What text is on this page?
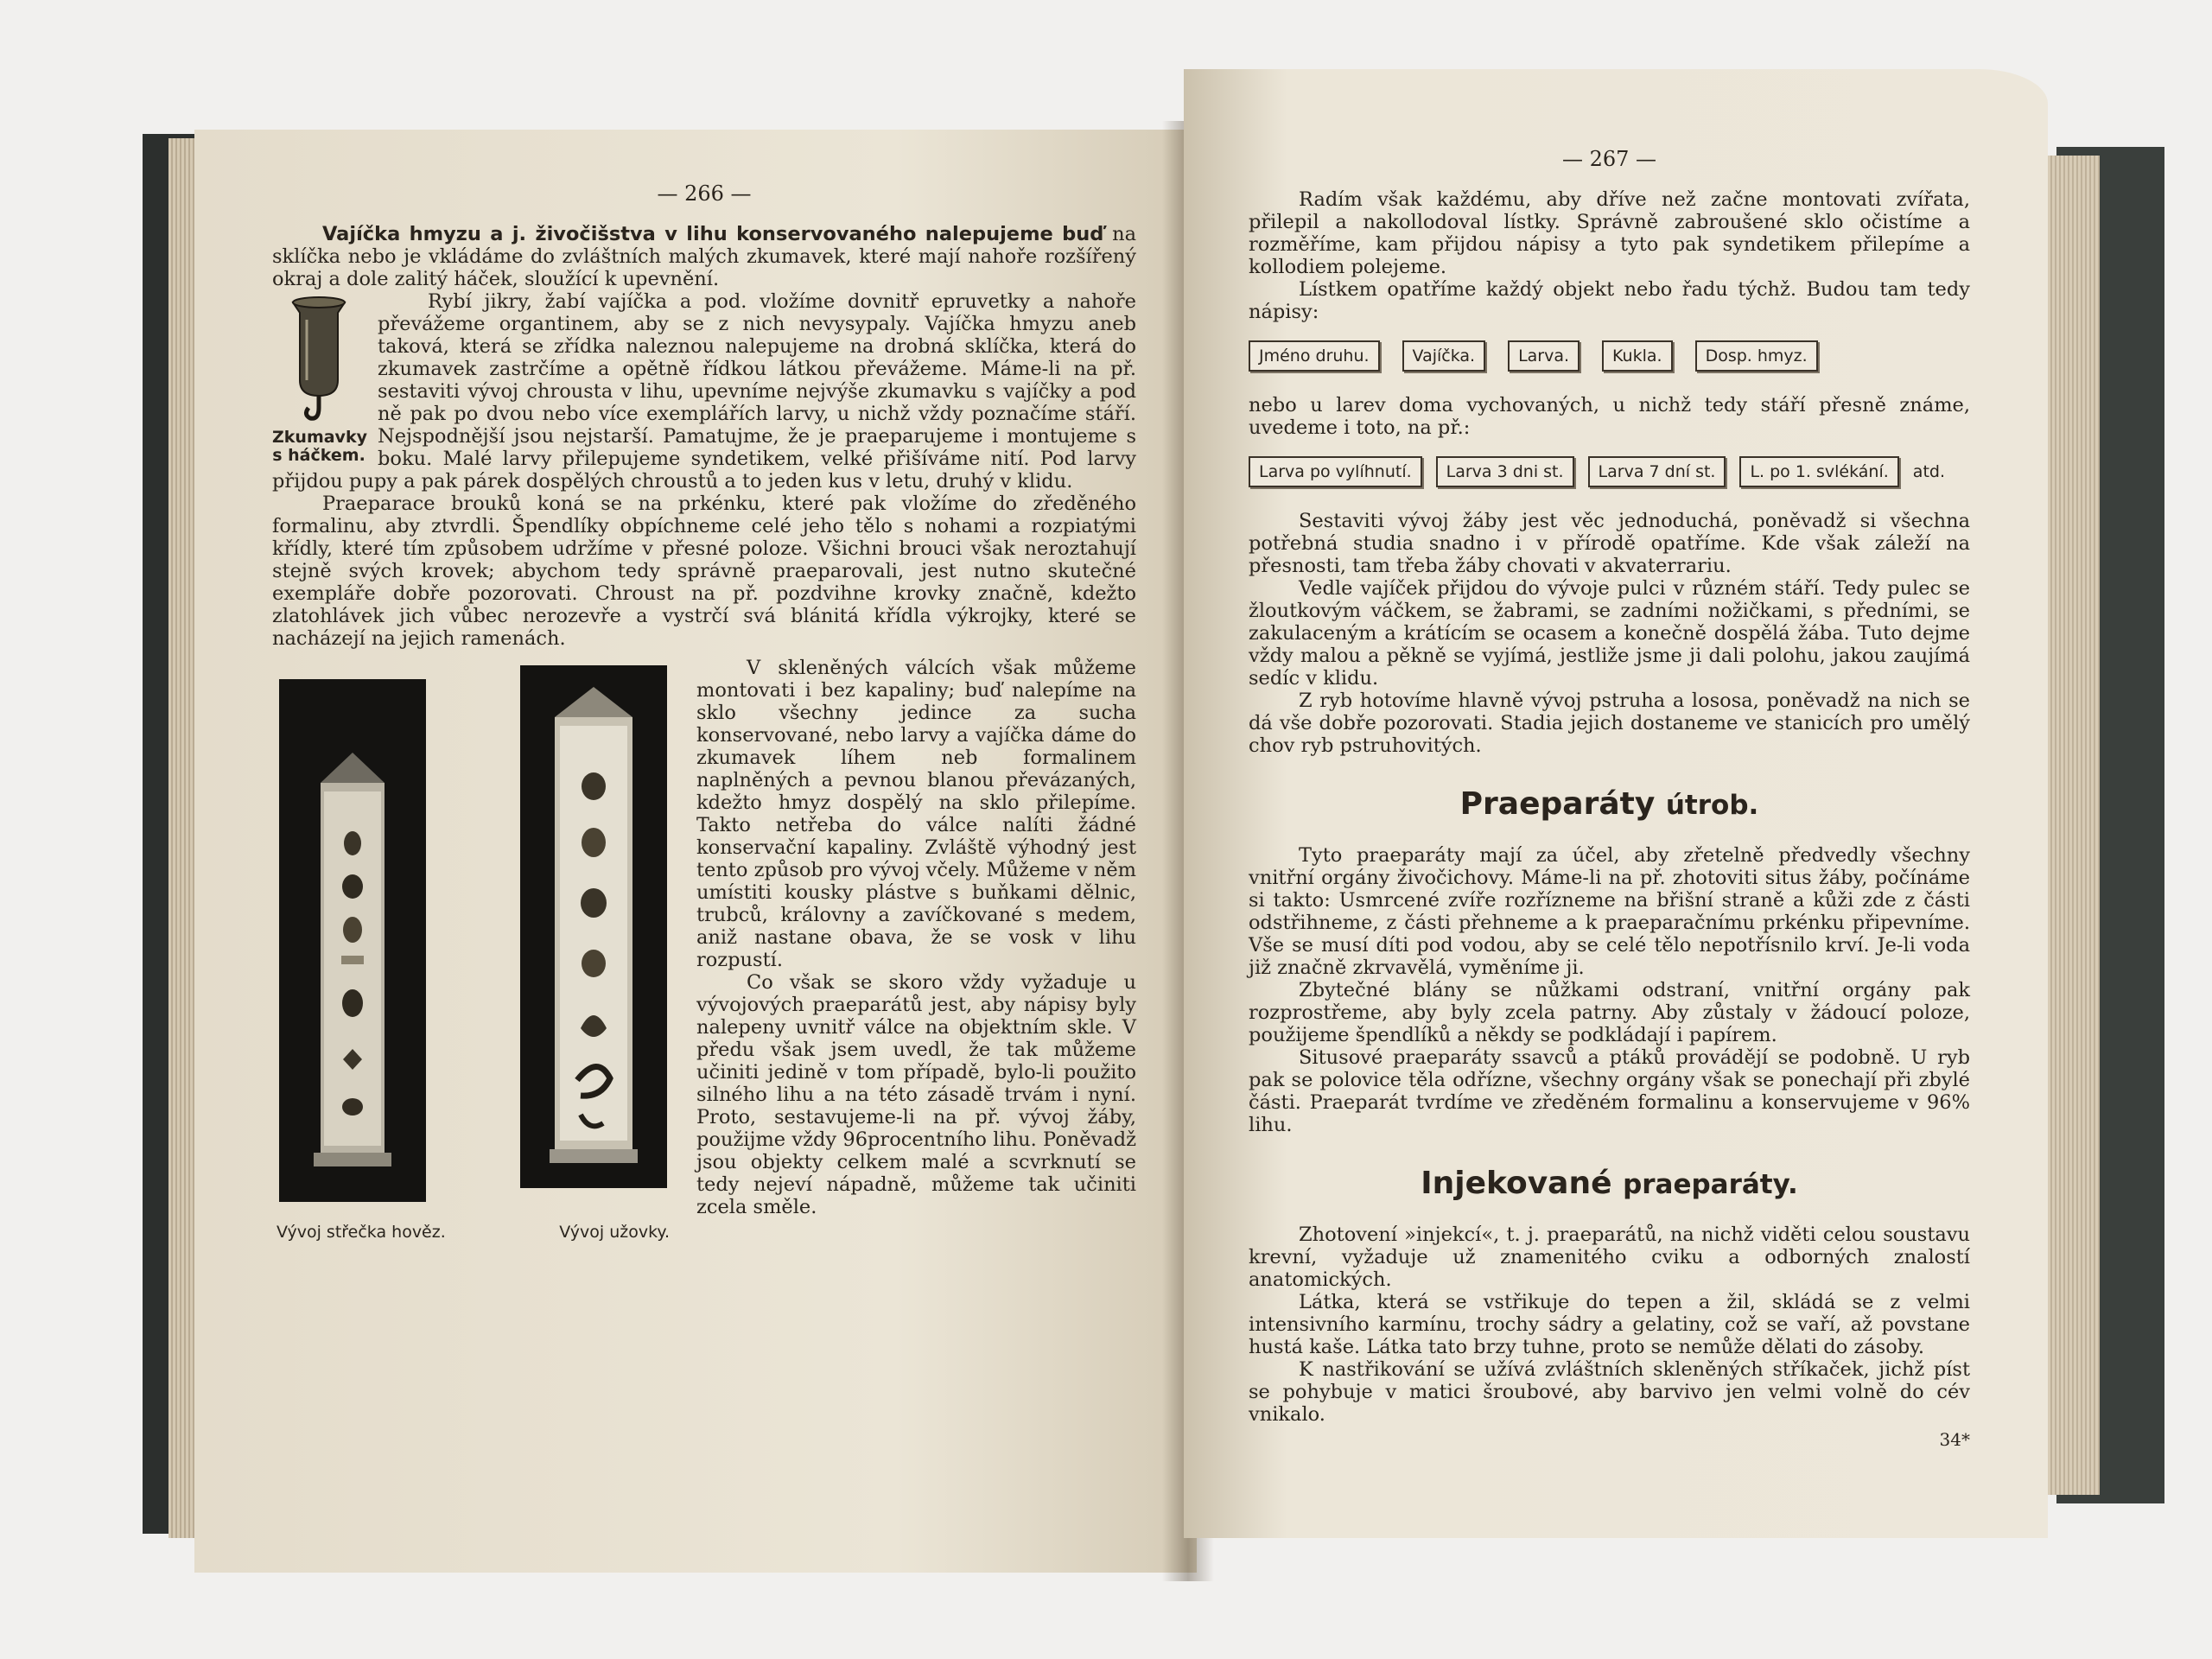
— 266 —

Vajíčka hmyzu a j. živočišstva v lihu konservovaného nalepujeme buď na sklíčka nebo je vkládáme do zvláštních malých zkumavek, které mají nahoře rozšířený okraj a dole zalitý háček, sloužící k upevnění.

Zkumavky s háčkem.

Rybí jikry, žabí vajíčka a pod. vložíme dovnitř epruvetky a nahoře převážeme organtinem, aby se z nich nevysypaly. Vajíčka hmyzu aneb taková, která se zřídka naleznou nalepujeme na drobná sklíčka, která do zkumavek zastrčíme a opětně řídkou látkou převážeme. Máme-li na př. sestaviti vývoj chrousta v lihu, upevníme nejvýše zkumavku s vajíčky a pod ně pak po dvou nebo více exemplářích larvy, u nichž vždy poznačíme stáří. Nejspodnější jsou nejstarší. Pamatujme, že je praeparujeme i montujeme s boku. Malé larvy přilepujeme syndetikem, velké přišíváme nití. Pod larvy přijdou pupy a pak párek dospělých chroustů a to jeden kus v letu, druhý v klidu.

Praeparace brouků koná se na prkénku, které pak vložíme do zředěného formalinu, aby ztvrdli. Špendlíky obpíchneme celé jeho tělo s nohami a rozpiatými křídly, které tím způsobem udržíme v přesné poloze. Všichni brouci však neroztahují stejně svých krovek; abychom tedy správně praeparovali, jest nutno skutečné exempláře dobře pozorovati. Chroust na př. pozdvihne krovky značně, kdežto zlatohlávek jich vůbec nerozevře a vystrčí svá blánitá křídla výkrojky, které se nacházejí na jejich ramenách.

Vývoj střečka hověz.	Vývoj užovky.

V skleněných válcích však můžeme montovati i bez kapaliny; buď nalepíme na sklo všechny jedince za sucha konservované, nebo larvy a vajíčka dáme do zkumavek líhem neb formalinem naplněných a pevnou blanou převázaných, kdežto hmyz dospělý na sklo přilepíme. Takto netřeba do válce nalíti žádné konservační kapaliny. Zvláště výhodný jest tento způsob pro vývoj včely. Můžeme v něm umístiti kousky plástve s buňkami dělnic, trubců, královny a zavíčkované s medem, aniž nastane obava, že se vosk v lihu rozpustí.

Co však se skoro vždy vyžaduje u vývojových praeparátů jest, aby nápisy byly nalepeny uvnitř válce na objektním skle. V předu však jsem uvedl, že tak můžeme učiniti jedině v tom případě, bylo-li použito silného lihu a na této zásadě trvám i nyní. Proto, sestavujeme-li na př. vývoj žáby, použijme vždy 96procentního lihu. Poněvadž jsou objekty celkem malé a scvrknutí se tedy nejeví nápadně, můžeme tak učiniti zcela směle.

— 267 —

Radím však každému, aby dříve než začne montovati zvířata, přilepil a nakollodoval lístky. Správně zabroušené sklo očistíme a rozměříme, kam přijdou nápisy a tyto pak syndetikem přilepíme a kollodiem polejeme.

Lístkem opatříme každý objekt nebo řadu týchž. Budou tam tedy nápisy:

Jméno druhu.	Vajíčka.	Larva.	Kukla.	Dosp. hmyz.

nebo u larev doma vychovaných, u nichž tedy stáří přesně známe, uvedeme i toto, na př.:

Larva po vylíhnutí.	Larva 3 dni st.	Larva 7 dní st.	L. po 1. svlékání.	atd.

Sestaviti vývoj žáby jest věc jednoduchá, poněvadž si všechna potřebná studia snadno i v přírodě opatříme. Kde však záleží na přesnosti, tam třeba žáby chovati v akvaterrariu.

Vedle vajíček přijdou do vývoje pulci v různém stáří. Tedy pulec se žloutkovým váčkem, se žabrami, se zadními nožičkami, s předními, se zakulaceným a krátícím se ocasem a konečně dospělá žába. Tuto dejme vždy malou a pěkně se vyjímá, jestliže jsme ji dali polohu, jakou zaujímá sedíc v klidu.

Z ryb hotovíme hlavně vývoj pstruha a lososa, poněvadž na nich se dá vše dobře pozorovati. Stadia jejich dostaneme ve stanicích pro umělý chov ryb pstruhovitých.

Praeparáty útrob.

Tyto praeparáty mají za účel, aby zřetelně předvedly všechny vnitřní orgány živočichovy. Máme-li na př. zhotoviti situs žáby, počínáme si takto: Usmrcené zvíře rozřízneme na břišní straně a kůži zde z části odstřihneme, z části přehneme a k praeparačnímu prkénku připevníme. Vše se musí díti pod vodou, aby se celé tělo nepotřísnilo krví. Je-li voda již značně zkrvavělá, vyměníme ji.

Zbytečné blány se nůžkami odstraní, vnitřní orgány pak rozprostřeme, aby byly zcela patrny. Aby zůstaly v žádoucí poloze, použijeme špendlíků a někdy se podkládají i papírem.

Situsové praeparáty ssavců a ptáků provádějí se podobně. U ryb pak se polovice těla odřízne, všechny orgány však se ponechají při zbylé části. Praeparát tvrdíme ve zředěném formalinu a konservujeme v 96% lihu.

Injekované praeparáty.

Zhotovení »injekcí«, t. j. praeparátů, na nichž viděti celou soustavu krevní, vyžaduje už znamenitého cviku a odborných znalostí anatomických.

Látka, která se vstřikuje do tepen a žil, skládá se z velmi intensivního karmínu, trochy sádry a gelatiny, což se vaří, až povstane hustá kaše. Látka tato brzy tuhne, proto se nemůže dělati do zásoby.

K nastřikování se užívá zvláštních skleněných stříkaček, jichž píst se pohybuje v matici šroubové, aby barvivo jen velmi volně do cév vnikalo.

34*
